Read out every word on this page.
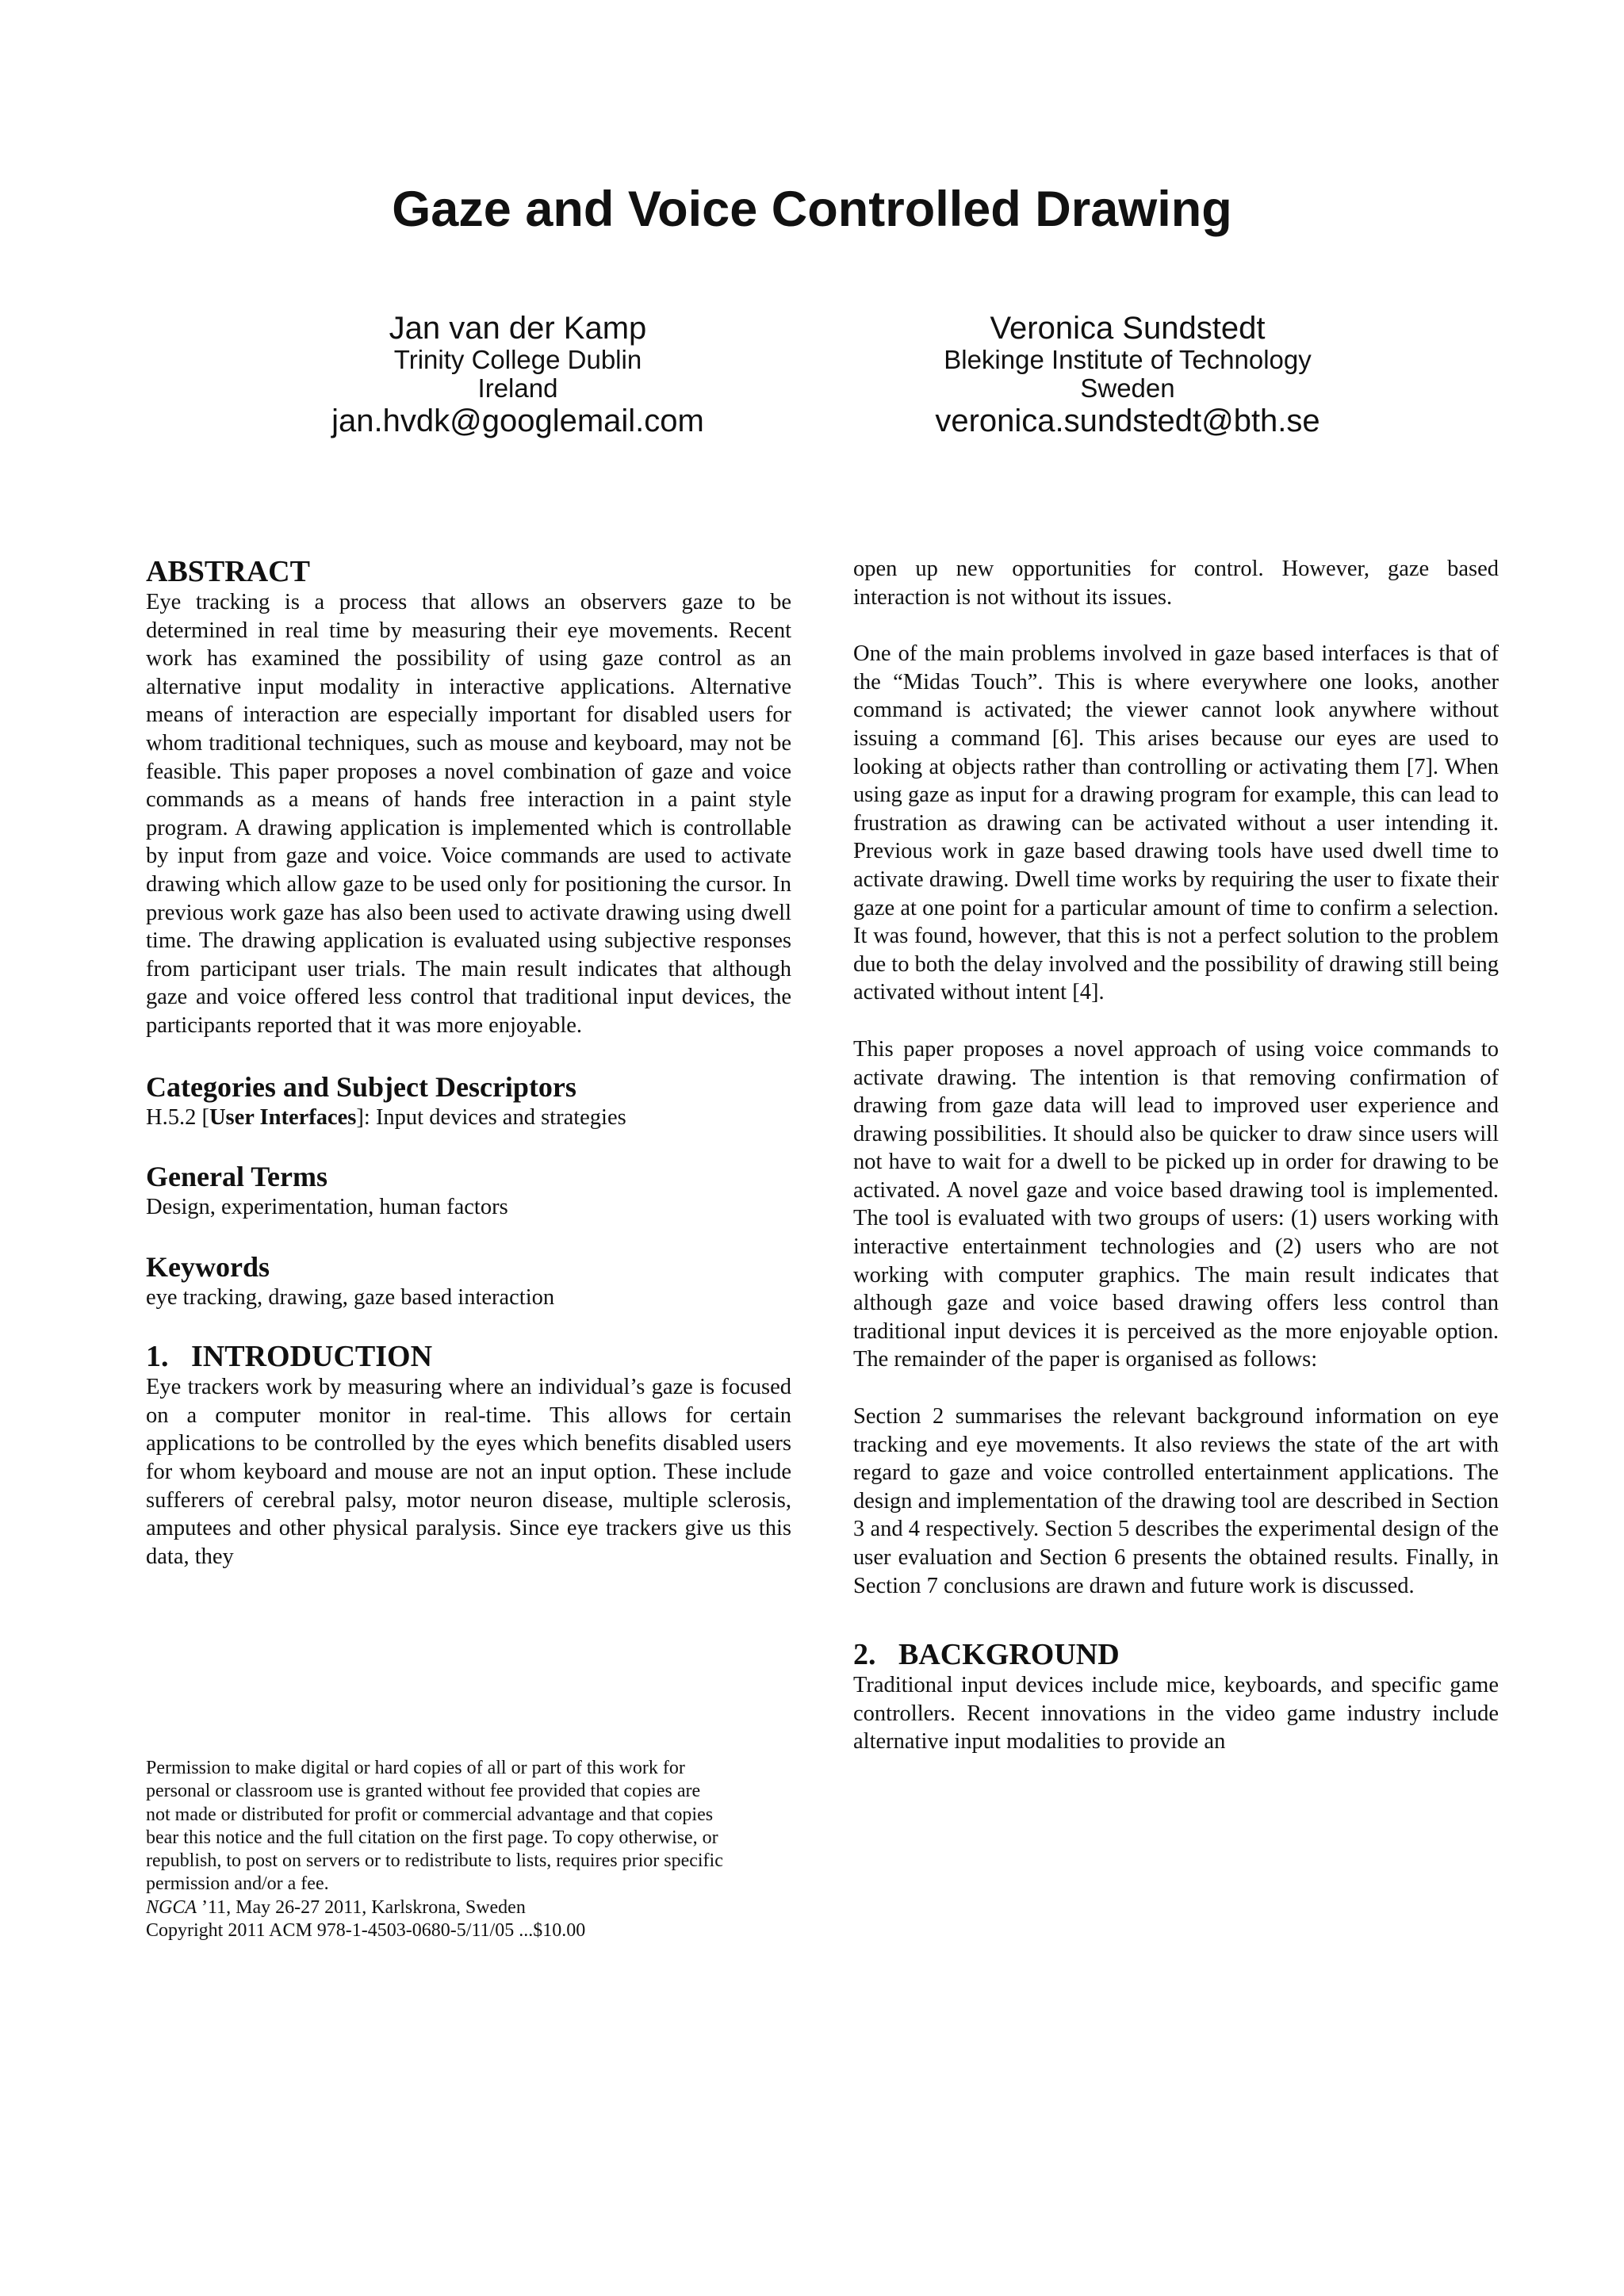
Gaze and Voice Controlled Drawing
Jan van der Kamp
Trinity College Dublin
Ireland
jan.hvdk@googlemail.com
Veronica Sundstedt
Blekinge Institute of Technology
Sweden
veronica.sundstedt@bth.se
ABSTRACT

Eye tracking is a process that allows an observers gaze to be determined in real time by measuring their eye movements. Recent work has examined the possibility of using gaze control as an alternative input modality in interactive applications. Alternative means of interaction are especially important for disabled users for whom traditional techniques, such as mouse and keyboard, may not be feasible. This paper proposes a novel combination of gaze and voice commands as a means of hands free interaction in a paint style program. A drawing application is implemented which is controllable by input from gaze and voice. Voice commands are used to activate drawing which allow gaze to be used only for positioning the cursor. In previous work gaze has also been used to activate drawing using dwell time. The drawing application is evaluated using subjective responses from participant user trials. The main result indicates that although gaze and voice offered less control that traditional input devices, the participants reported that it was more enjoyable.

Categories and Subject Descriptors

H.5.2 [User Interfaces]: Input devices and strategies

General Terms

Design, experimentation, human factors

Keywords

eye tracking, drawing, gaze based interaction

1.   INTRODUCTION

Eye trackers work by measuring where an individual’s gaze is focused on a computer monitor in real-time. This allows for certain applications to be controlled by the eyes which benefits disabled users for whom keyboard and mouse are not an input option. These include sufferers of cerebral palsy, motor neuron disease, multiple sclerosis, amputees and other physical paralysis. Since eye trackers give us this data, they

Permission to make digital or hard copies of all or part of this work for
personal or classroom use is granted without fee provided that copies are
not made or distributed for profit or commercial advantage and that copies
bear this notice and the full citation on the first page. To copy otherwise, or
republish, to post on servers or to redistribute to lists, requires prior specific
permission and/or a fee.
NGCA ’11, May 26-27 2011, Karlskrona, Sweden
Copyright 2011 ACM 978-1-4503-0680-5/11/05 ...$10.00

open up new opportunities for control. However, gaze based interaction is not without its issues.

One of the main problems involved in gaze based interfaces is that of the “Midas Touch”. This is where everywhere one looks, another command is activated; the viewer cannot look anywhere without issuing a command [6]. This arises because our eyes are used to looking at objects rather than controlling or activating them [7]. When using gaze as input for a drawing program for example, this can lead to frustration as drawing can be activated without a user intending it. Previous work in gaze based drawing tools have used dwell time to activate drawing. Dwell time works by requiring the user to fixate their gaze at one point for a particular amount of time to confirm a selection. It was found, however, that this is not a perfect solution to the problem due to both the delay involved and the possibility of drawing still being activated without intent [4].

This paper proposes a novel approach of using voice commands to activate drawing. The intention is that removing confirmation of drawing from gaze data will lead to improved user experience and drawing possibilities. It should also be quicker to draw since users will not have to wait for a dwell to be picked up in order for drawing to be activated. A novel gaze and voice based drawing tool is implemented. The tool is evaluated with two groups of users: (1) users working with interactive entertainment technologies and (2) users who are not working with computer graphics. The main result indicates that although gaze and voice based drawing offers less control than traditional input devices it is perceived as the more enjoyable option. The remainder of the paper is organised as follows:

Section 2 summarises the relevant background information on eye tracking and eye movements. It also reviews the state of the art with regard to gaze and voice controlled entertainment applications. The design and implementation of the drawing tool are described in Section 3 and 4 respectively. Section 5 describes the experimental design of the user evaluation and Section 6 presents the obtained results. Finally, in Section 7 conclusions are drawn and future work is discussed.

2.   BACKGROUND

Traditional input devices include mice, keyboards, and specific game controllers. Recent innovations in the video game industry include alternative input modalities to provide an
